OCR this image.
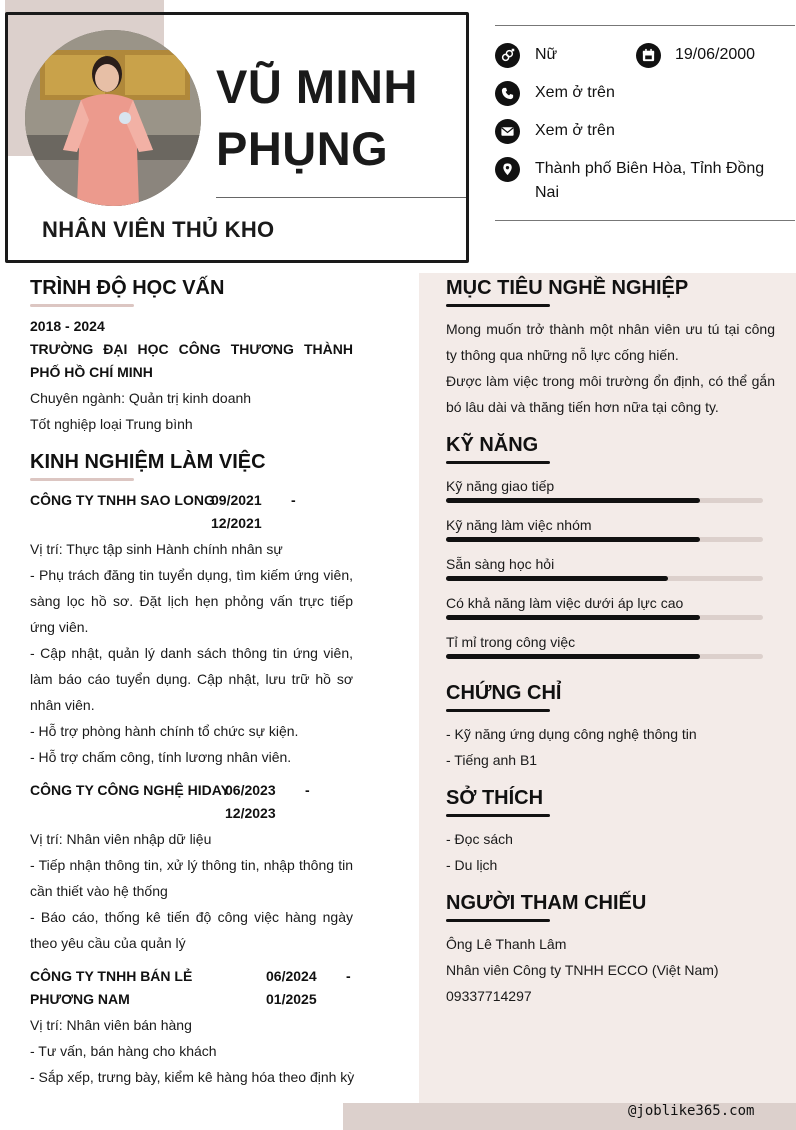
VŨ MINH PHỤNG
NHÂN VIÊN THỦ KHO
Nữ	19/06/2000
Xem ở trên
Xem ở trên
Thành phố Biên Hòa, Tỉnh Đồng Nai
TRÌNH ĐỘ HỌC VẤN
2018 - 2024
TRƯỜNG ĐẠI HỌC CÔNG THƯƠNG THÀNH PHỐ HỒ CHÍ MINH
Chuyên ngành: Quản trị kinh doanh
Tốt nghiệp loại Trung bình
KINH NGHIỆM LÀM VIỆC
CÔNG TY TNHH SAO LONG
09/2021 -
12/2021
Vị trí: Thực tập sinh Hành chính nhân sự
- Phụ trách đăng tin tuyển dụng, tìm kiếm ứng viên, sàng lọc hồ sơ. Đặt lịch hẹn phỏng vấn trực tiếp ứng viên.
- Cập nhật, quản lý danh sách thông tin ứng viên, làm báo cáo tuyển dụng. Cập nhật, lưu trữ hồ sơ nhân viên.
- Hỗ trợ phòng hành chính tổ chức sự kiện.
- Hỗ trợ chấm công, tính lương nhân viên.
CÔNG TY CÔNG NGHỆ HIDAY
06/2023 -
12/2023
Vị trí: Nhân viên nhập dữ liệu
- Tiếp nhận thông tin, xử lý thông tin, nhập thông tin cần thiết vào hệ thống
- Báo cáo, thống kê tiến độ công việc hàng ngày theo yêu cầu của quản lý
CÔNG TY TNHH BÁN LẺ PHƯƠNG NAM
06/2024 -
01/2025
Vị trí: Nhân viên bán hàng
- Tư vấn, bán hàng cho khách
- Sắp xếp, trưng bày, kiểm kê hàng hóa theo định kỳ
MỤC TIÊU NGHỀ NGHIỆP
Mong muốn trở thành một nhân viên ưu tú tại công ty thông qua những nỗ lực cống hiến.
Được làm việc trong môi trường ổn định, có thể gắn bó lâu dài và thăng tiến hơn nữa tại công ty.
KỸ NĂNG
Kỹ năng giao tiếp
Kỹ năng làm việc nhóm
Sẵn sàng học hỏi
Có khả năng làm việc dưới áp lực cao
Tỉ mỉ trong công việc
CHỨNG CHỈ
- Kỹ năng ứng dụng công nghệ thông tin
- Tiếng anh B1
SỞ THÍCH
- Đọc sách
- Du lịch
NGƯỜI THAM CHIẾU
Ông Lê Thanh Lâm
Nhân viên Công ty TNHH ECCO (Việt Nam)
09337714297
@joblike365.com
